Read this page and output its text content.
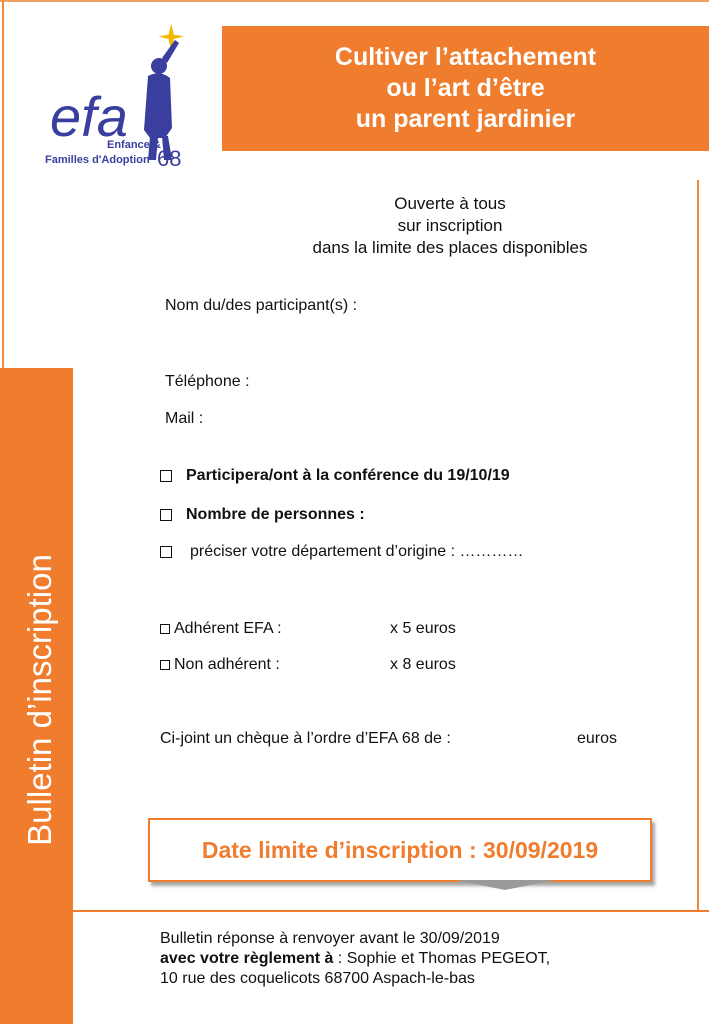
efa
Enfance &
Familles d'Adoption 68
Cultiver l’attachement
ou l’art d’être
un parent jardinier
Ouverte à tous
sur inscription
dans la limite des places disponibles
Nom du/des participant(s) :
Téléphone :
Mail :
Bulletin d’inscription
Participera/ont à la conférence du 19/10/19
Nombre de personnes :
préciser votre département d’origine : …………
Adhérent EFA :	x 5 euros
Non adhérent :	x 8 euros
Ci-joint un chèque à l’ordre d’EFA 68 de :	euros
Date limite d’inscription : 30/09/2019
Bulletin réponse à renvoyer avant le 30/09/2019
avec votre règlement à : Sophie et Thomas PEGEOT,
10 rue des coquelicots 68700 Aspach-le-bas
